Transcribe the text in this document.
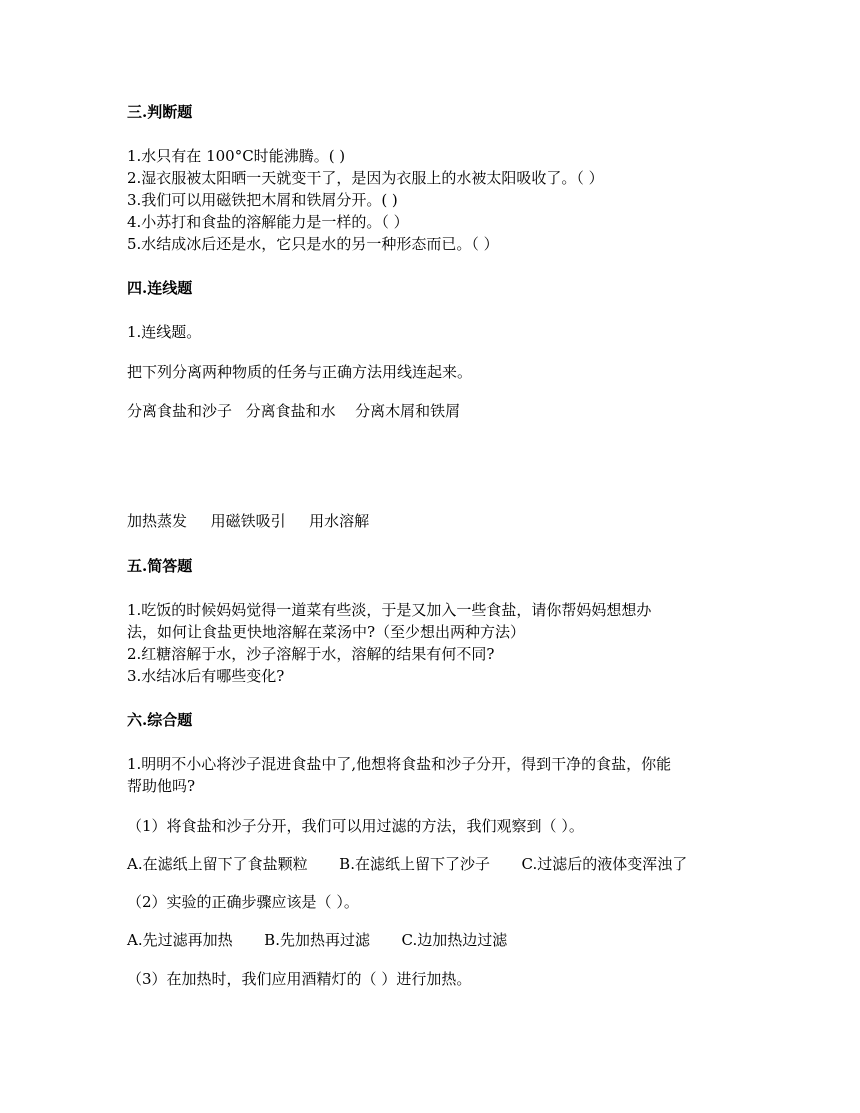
三.判断题
1.水只有在 100°C时能沸腾。( )
2.湿衣服被太阳晒一天就变干了，是因为衣服上的水被太阳吸收了。（ ）
3.我们可以用磁铁把木屑和铁屑分开。( )
4.小苏打和食盐的溶解能力是一样的。（ ）
5.水结成冰后还是水，它只是水的另一种形态而已。（ ）
四.连线题
1.连线题。
把下列分离两种物质的任务与正确方法用线连起来。
分离食盐和沙子 分离食盐和水 分离木屑和铁屑
加热蒸发 用磁铁吸引 用水溶解
五.简答题
1.吃饭的时候妈妈觉得一道菜有些淡，于是又加入一些食盐，请你帮妈妈想想办
法，如何让食盐更快地溶解在菜汤中?（至少想出两种方法）
2.红糖溶解于水，沙子溶解于水，溶解的结果有何不同?
3.水结冰后有哪些变化?
六.综合题
1.明明不小心将沙子混进食盐中了,他想将食盐和沙子分开，得到干净的食盐，你能
帮助他吗?
（1）将食盐和沙子分开，我们可以用过滤的方法，我们观察到（ ）。
A.在滤纸上留下了食盐颗粒 B.在滤纸上留下了沙子 C.过滤后的液体变浑浊了
（2）实验的正确步骤应该是（ ）。
A.先过滤再加热 B.先加热再过滤 C.边加热边过滤
（3）在加热时，我们应用酒精灯的（ ）进行加热。
